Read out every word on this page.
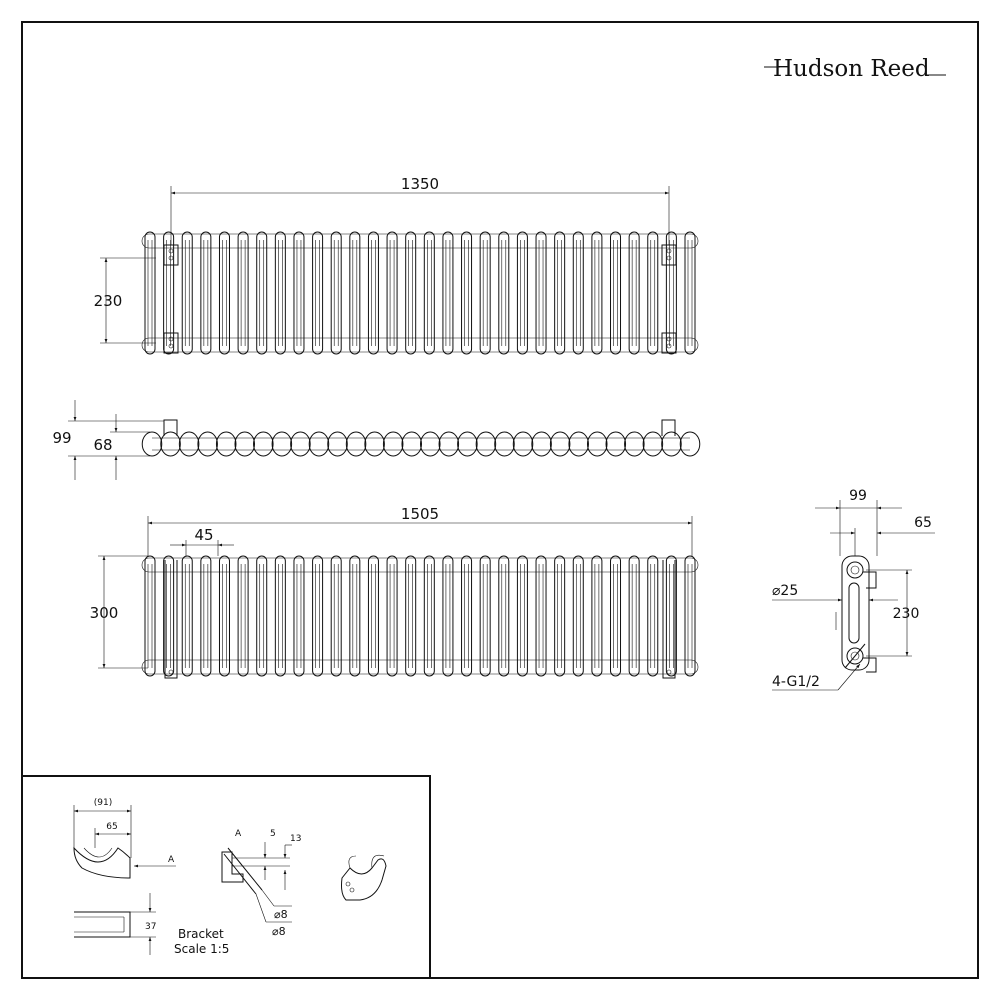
Hudson Reed
1350
230
99 68
1505
45
300
99
65
230
⌀25
4-G1/2
(91)
65
A
37
A	5 13
⌀8
⌀8
Bracket
Scale 1:5
